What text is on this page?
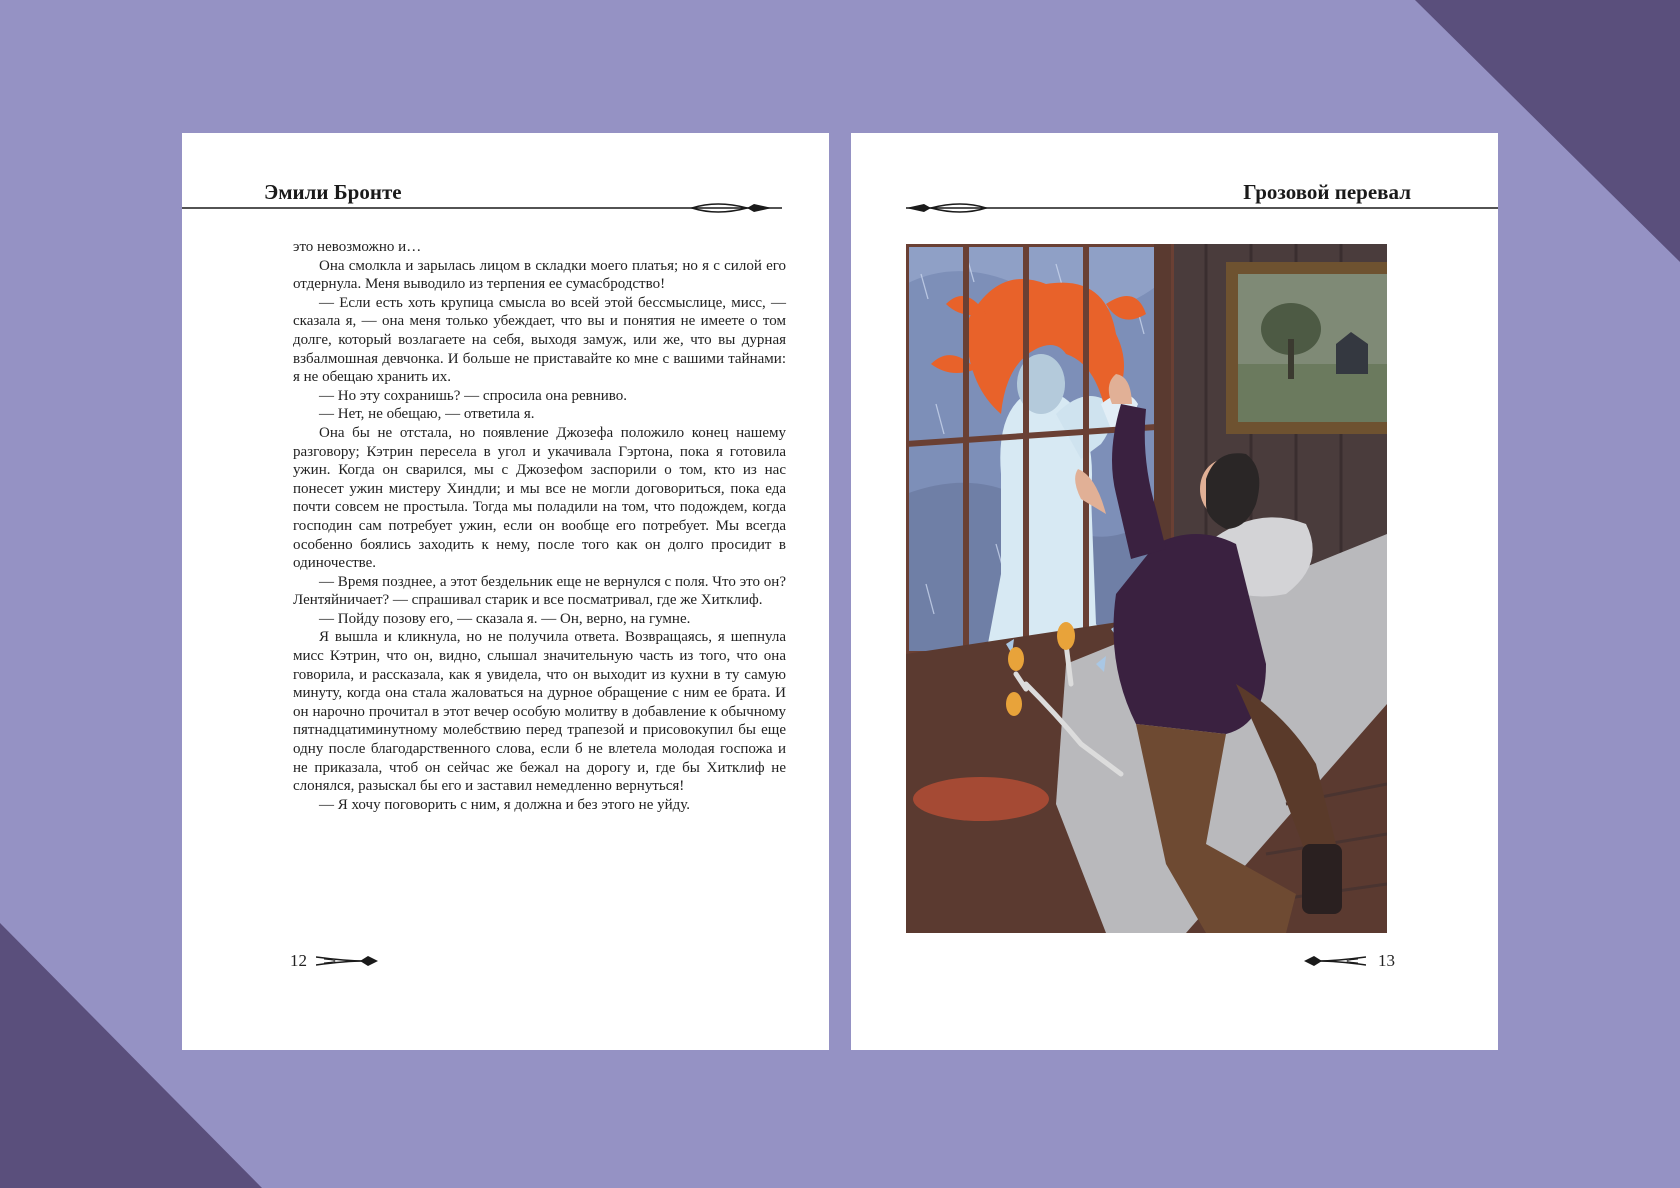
Эмили Бронте

это невозможно и…

Она смолкла и зарылась лицом в складки моего платья; но я с силой его отдернула. Меня выводило из терпения ее сумасбродство!

— Если есть хоть крупица смысла во всей этой бессмыслице, мисс, — сказала я, — она меня только убеждает, что вы и понятия не имеете о том долге, который возлагаете на себя, выходя замуж, или же, что вы дурная взбалмошная девчонка. И больше не приставайте ко мне с вашими тайнами: я не обещаю хранить их.

— Но эту сохранишь? — спросила она ревниво.

— Нет, не обещаю, — ответила я.

Она бы не отстала, но появление Джозефа положило конец нашему разговору; Кэтрин пересела в угол и укачивала Гэртона, пока я готовила ужин. Когда он сварился, мы с Джозефом заспорили о том, кто из нас понесет ужин мистеру Хиндли; и мы все не могли договориться, пока еда почти совсем не простыла. Тогда мы поладили на том, что подождем, когда господин сам потребует ужин, если он вообще его потребует. Мы всегда особенно боялись заходить к нему, после того как он долго просидит в одиночестве.

— Время позднее, а этот бездельник еще не вернулся с поля. Что это он? Лентяйничает? — спрашивал старик и все посматривал, где же Хитклиф.

— Пойду позову его, — сказала я. — Он, верно, на гумне.

Я вышла и кликнула, но не получила ответа. Возвращаясь, я шепнула мисс Кэтрин, что он, видно, слышал значительную часть из того, что она говорила, и рассказала, как я увидела, что он выходит из кухни в ту самую минуту, когда она стала жаловаться на дурное обращение с ним ее брата. И он нарочно прочитал в этот вечер особую молитву в добавление к обычному пятнадцатиминутному молебствию перед трапезой и присовокупил бы еще одну после благодарственного слова, если б не влетела молодая госпожа и не приказала, чтоб он сейчас же бежал на дорогу и, где бы Хитклиф не слонялся, разыскал бы его и заставил немедленно вернуться!

— Я хочу поговорить с ним, я должна и без этого не уйду.

12
Грозовой перевал
13
